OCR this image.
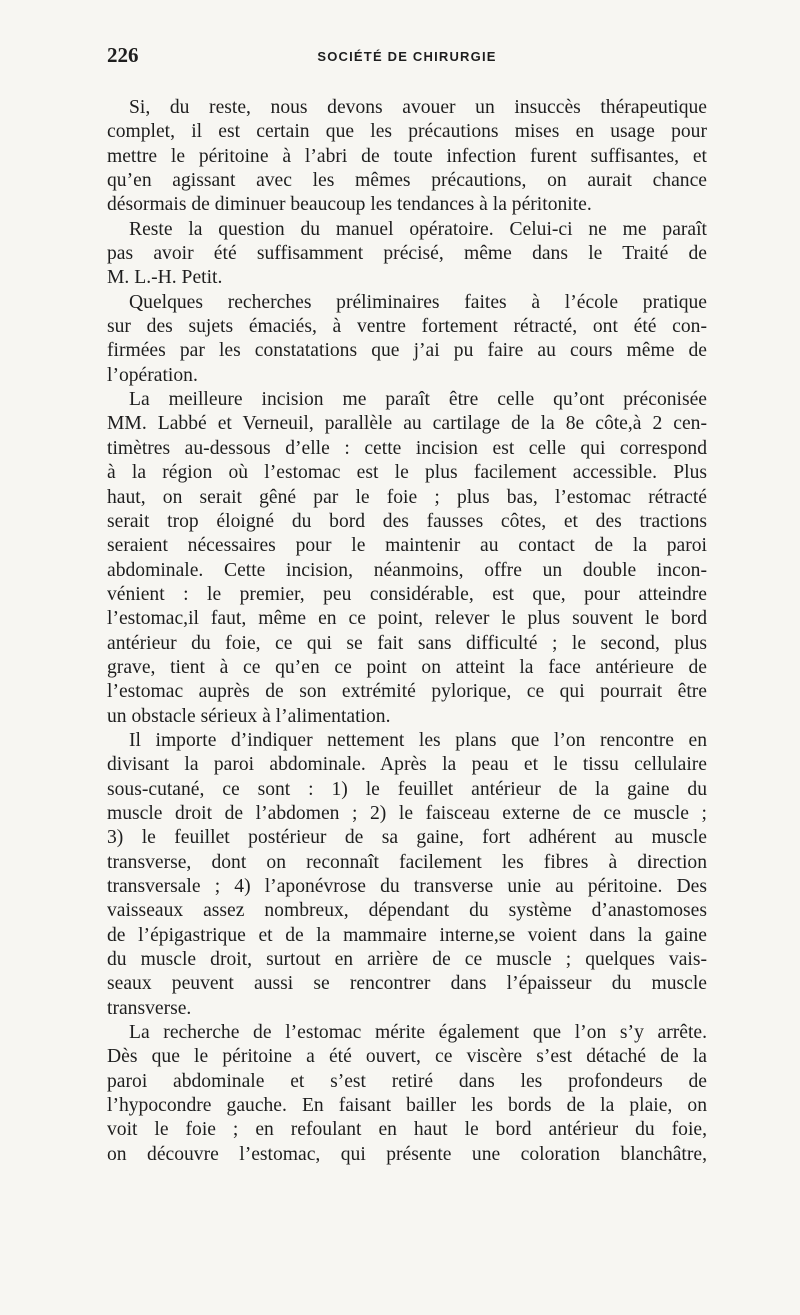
226	SOCIÉTÉ DE CHIRURGIE
Si, du reste, nous devons avouer un insuccès thérapeutique
complet, il est certain que les précautions mises en usage pour
mettre le péritoine à l’abri de toute infection furent suffisantes, et
qu’en agissant avec les mêmes précautions, on aurait chance
désormais de diminuer beaucoup les tendances à la péritonite.
Reste la question du manuel opératoire. Celui-ci ne me paraît
pas avoir été suffisamment précisé, même dans le Traité de
M. L.-H. Petit.
Quelques recherches préliminaires faites à l’école pratique
sur des sujets émaciés, à ventre fortement rétracté, ont été con-
firmées par les constatations que j’ai pu faire au cours même de
l’opération.
La meilleure incision me paraît être celle qu’ont préconisée
MM. Labbé et Verneuil, parallèle au cartilage de la 8e côte,à 2 cen-
timètres au-dessous d’elle : cette incision est celle qui correspond
à la région où l’estomac est le plus facilement accessible. Plus
haut, on serait gêné par le foie ; plus bas, l’estomac rétracté
serait trop éloigné du bord des fausses côtes, et des tractions
seraient nécessaires pour le maintenir au contact de la paroi
abdominale. Cette incision, néanmoins, offre un double incon-
vénient : le premier, peu considérable, est que, pour atteindre
l’estomac,il faut, même en ce point, relever le plus souvent le bord
antérieur du foie, ce qui se fait sans difficulté ; le second, plus
grave, tient à ce qu’en ce point on atteint la face antérieure de
l’estomac auprès de son extrémité pylorique, ce qui pourrait être
un obstacle sérieux à l’alimentation.
Il importe d’indiquer nettement les plans que l’on rencontre en
divisant la paroi abdominale. Après la peau et le tissu cellulaire
sous-cutané, ce sont : 1) le feuillet antérieur de la gaine du
muscle droit de l’abdomen ; 2) le faisceau externe de ce muscle ;
3) le feuillet postérieur de sa gaine, fort adhérent au muscle
transverse, dont on reconnaît facilement les fibres à direction
transversale ; 4) l’aponévrose du transverse unie au péritoine. Des
vaisseaux assez nombreux, dépendant du système d’anastomoses
de l’épigastrique et de la mammaire interne,se voient dans la gaine
du muscle droit, surtout en arrière de ce muscle ; quelques vais-
seaux peuvent aussi se rencontrer dans l’épaisseur du muscle
transverse.
La recherche de l’estomac mérite également que l’on s’y arrête.
Dès que le péritoine a été ouvert, ce viscère s’est détaché de la
paroi abdominale et s’est retiré dans les profondeurs de
l’hypocondre gauche. En faisant bailler les bords de la plaie, on
voit le foie ; en refoulant en haut le bord antérieur du foie,
on découvre l’estomac, qui présente une coloration blanchâtre,
